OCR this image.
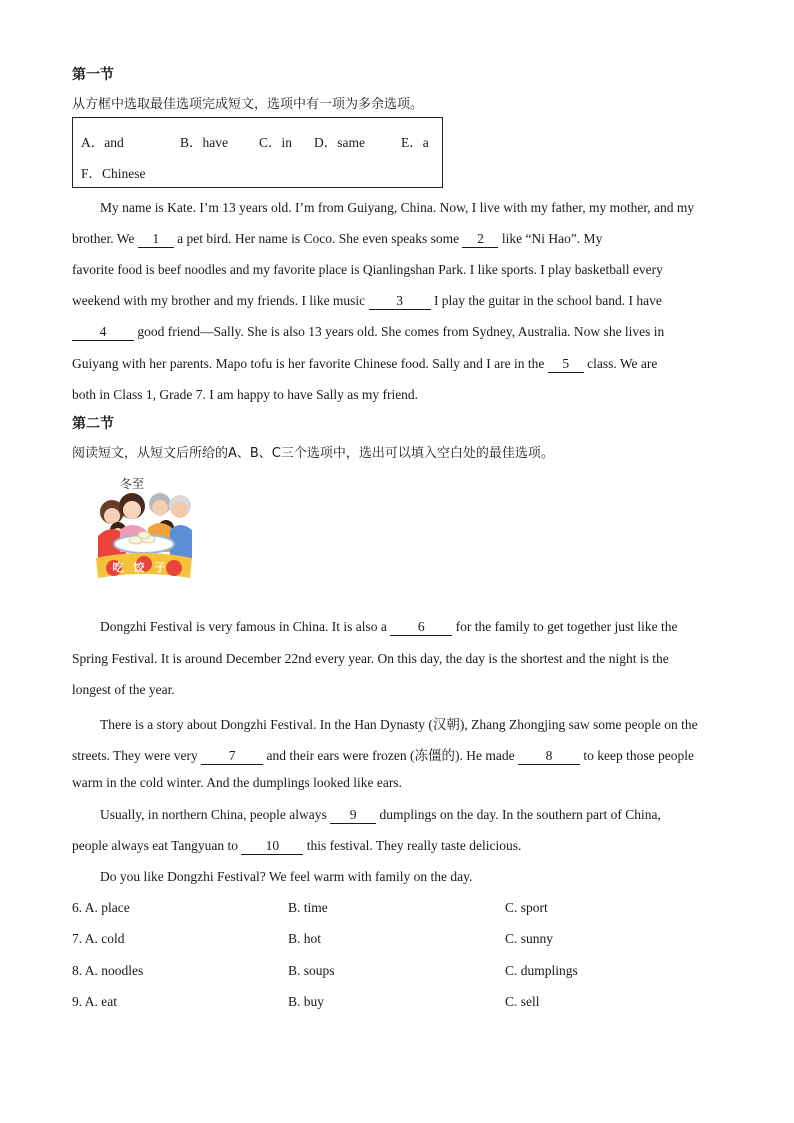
第一节
从方框中选取最佳选项完成短文，选项中有一项为多余选项。
A．and	B．have C．in D．same	E．a
F．Chinese
My name is Kate. I’m 13 years old. I’m from Guiyang, China. Now, I live with my father, my mother, and my
brother. We 1 a pet bird. Her name is Coco. She even speaks some 2 like “Ni Hao”. My
favorite food is beef noodles and my favorite place is Qianlingshan Park. I like sports. I play basketball every
weekend with my brother and my friends. I like music 3 I play the guitar in the school band. I have
4 good friend—Sally. She is also 13 years old. She comes from Sydney, Australia. Now she lives in
Guiyang with her parents. Mapo tofu is her favorite Chinese food. Sally and I are in the 5 class. We are
both in Class 1, Grade 7. I am happy to have Sally as my friend.
第二节
阅读短文，从短文后所给的A、B、C三个选项中，选出可以填入空白处的最佳选项。
冬至
吃饺子
Dongzhi Festival is very famous in China. It is also a 6 for the family to get together just like the
Spring Festival. It is around December 22nd every year. On this day, the day is the shortest and the night is the
longest of the year.
There is a story about Dongzhi Festival. In the Han Dynasty (汉朝), Zhang Zhongjing saw some people on the
streets. They were very 7 and their ears were frozen (冻僵的). He made 8 to keep those people
warm in the cold winter. And the dumplings looked like ears.
Usually, in northern China, people always 9 dumplings on the day. In the southern part of China,
people always eat Tangyuan to 10 this festival. They really taste delicious.
Do you like Dongzhi Festival? We feel warm with family on the day.
6. A. place	B. time	C. sport
7. A. cold	B. hot	C. sunny
8. A. noodles	B. soups	C. dumplings
9. A. eat	B. buy	C. sell
